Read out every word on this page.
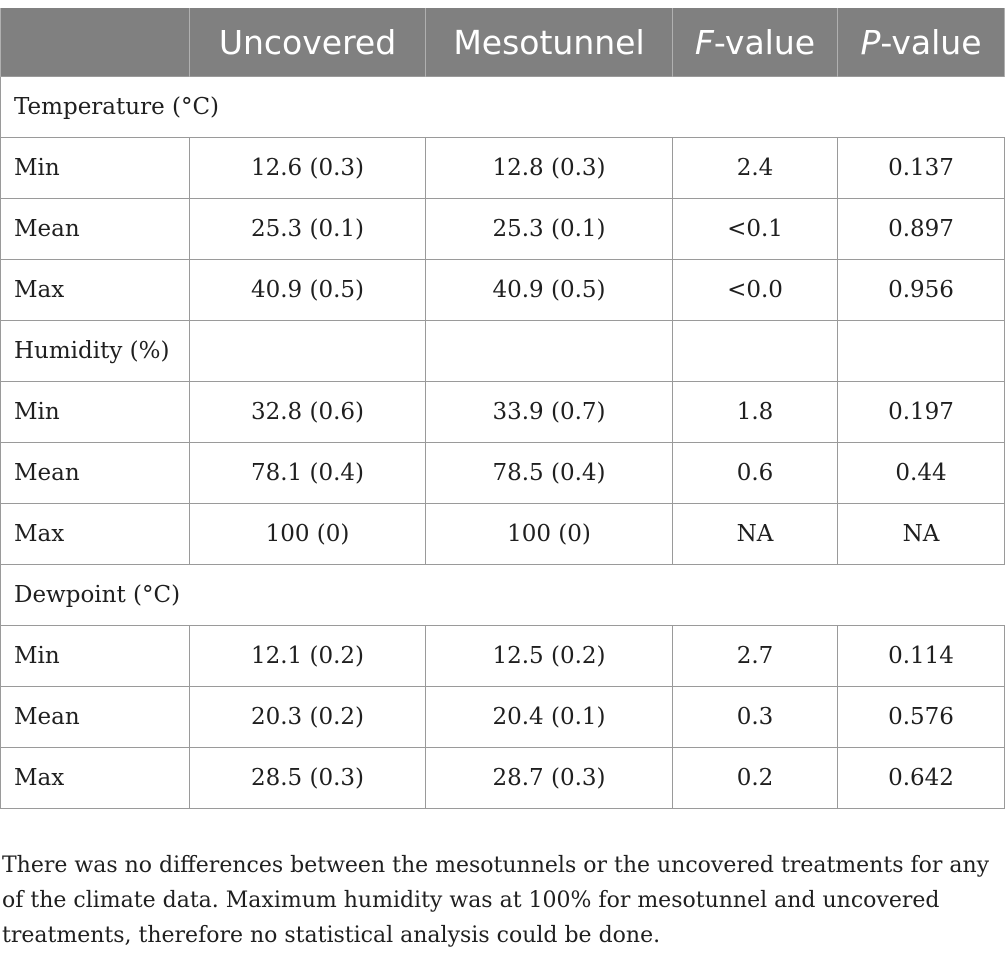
	Uncovered	Mesotunnel	F-value	P-value
Temperature (°C)				
Min	12.6 (0.3)	12.8 (0.3)	2.4	0.137
Mean	25.3 (0.1)	25.3 (0.1)	<0.1	0.897
Max	40.9 (0.5)	40.9 (0.5)	<0.0	0.956
Humidity (%)				
Min	32.8 (0.6)	33.9 (0.7)	1.8	0.197
Mean	78.1 (0.4)	78.5 (0.4)	0.6	0.44
Max	100 (0)	100 (0)	NA	NA
Dewpoint (°C)				
Min	12.1 (0.2)	12.5 (0.2)	2.7	0.114
Mean	20.3 (0.2)	20.4 (0.1)	0.3	0.576
Max	28.5 (0.3)	28.7 (0.3)	0.2	0.642

There was no differences between the mesotunnels or the uncovered treatments for any of the climate data. Maximum humidity was at 100% for mesotunnel and uncovered treatments, therefore no statistical analysis could be done.
